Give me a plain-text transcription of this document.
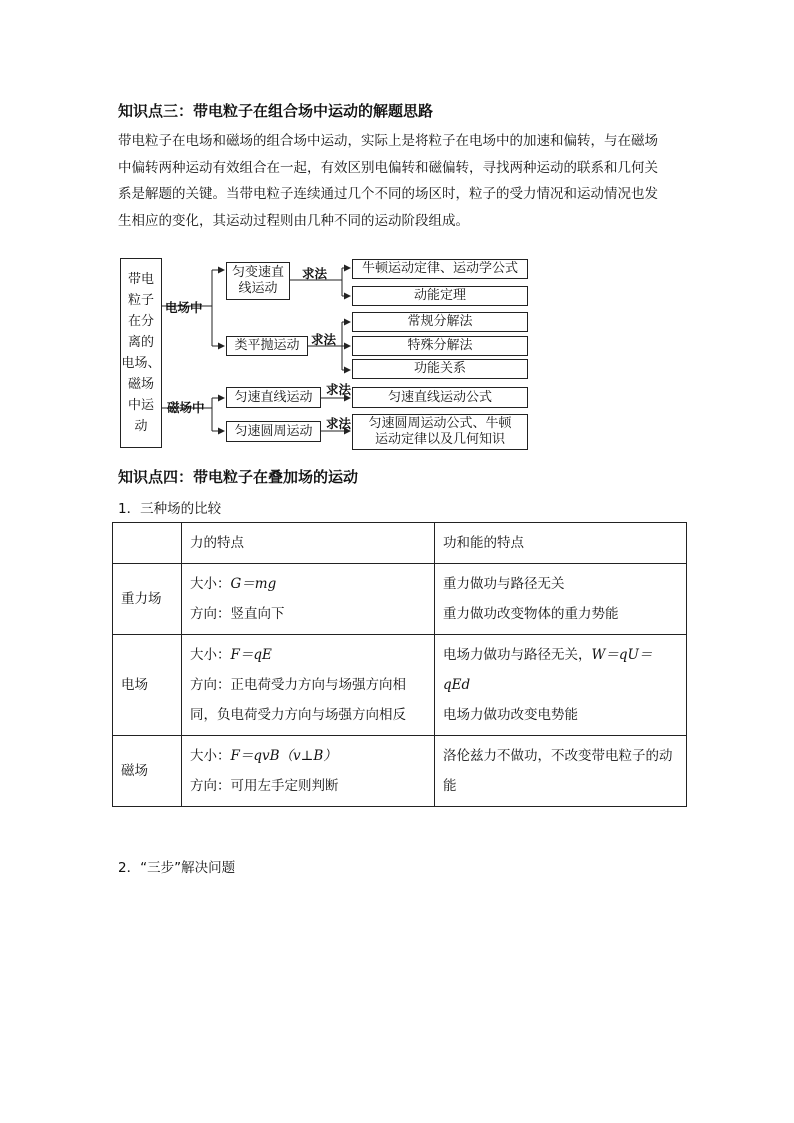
知识点三：带电粒子在组合场中运动的解题思路
带电粒子在电场和磁场的组合场中运动，实际上是将粒子在电场中的加速和偏转，与在磁场
中偏转两种运动有效组合在一起，有效区别电偏转和磁偏转，寻找两种运动的联系和几何关
系是解题的关键。当带电粒子连续通过几个不同的场区时，粒子的受力情况和运动情况也发
生相应的变化，其运动过程则由几种不同的运动阶段组成。
带电
粒子
在分
离的
电场、
磁场
中运
动
电场中
磁场中
匀变速直
线运动
类平抛运动
匀速直线运动
匀速圆周运动
求法
求法
求法
求法
牛顿运动定律、运动学公式
动能定理
常规分解法
特殊分解法
功能关系
匀速直线运动公式
匀速圆周运动公式、牛顿
运动定律以及几何知识
知识点四：带电粒子在叠加场的运动
1．三种场的比较
	力的特点	功和能的特点
重力场	大小：G＝mg
方向：竖直向下	重力做功与路径无关
重力做功改变物体的重力势能

电场	大小：F＝qE
方向：正电荷受力方向与场强方向相同，负电荷受力方向与场强方向相反	电场力做功与路径无关，W＝qU＝qEd
电场力做功改变电势能

磁场	大小：F＝qvB（v⊥B）
方向：可用左手定则判断	洛伦兹力不做功，不改变带电粒子的动能
2．“三步”解决问题
